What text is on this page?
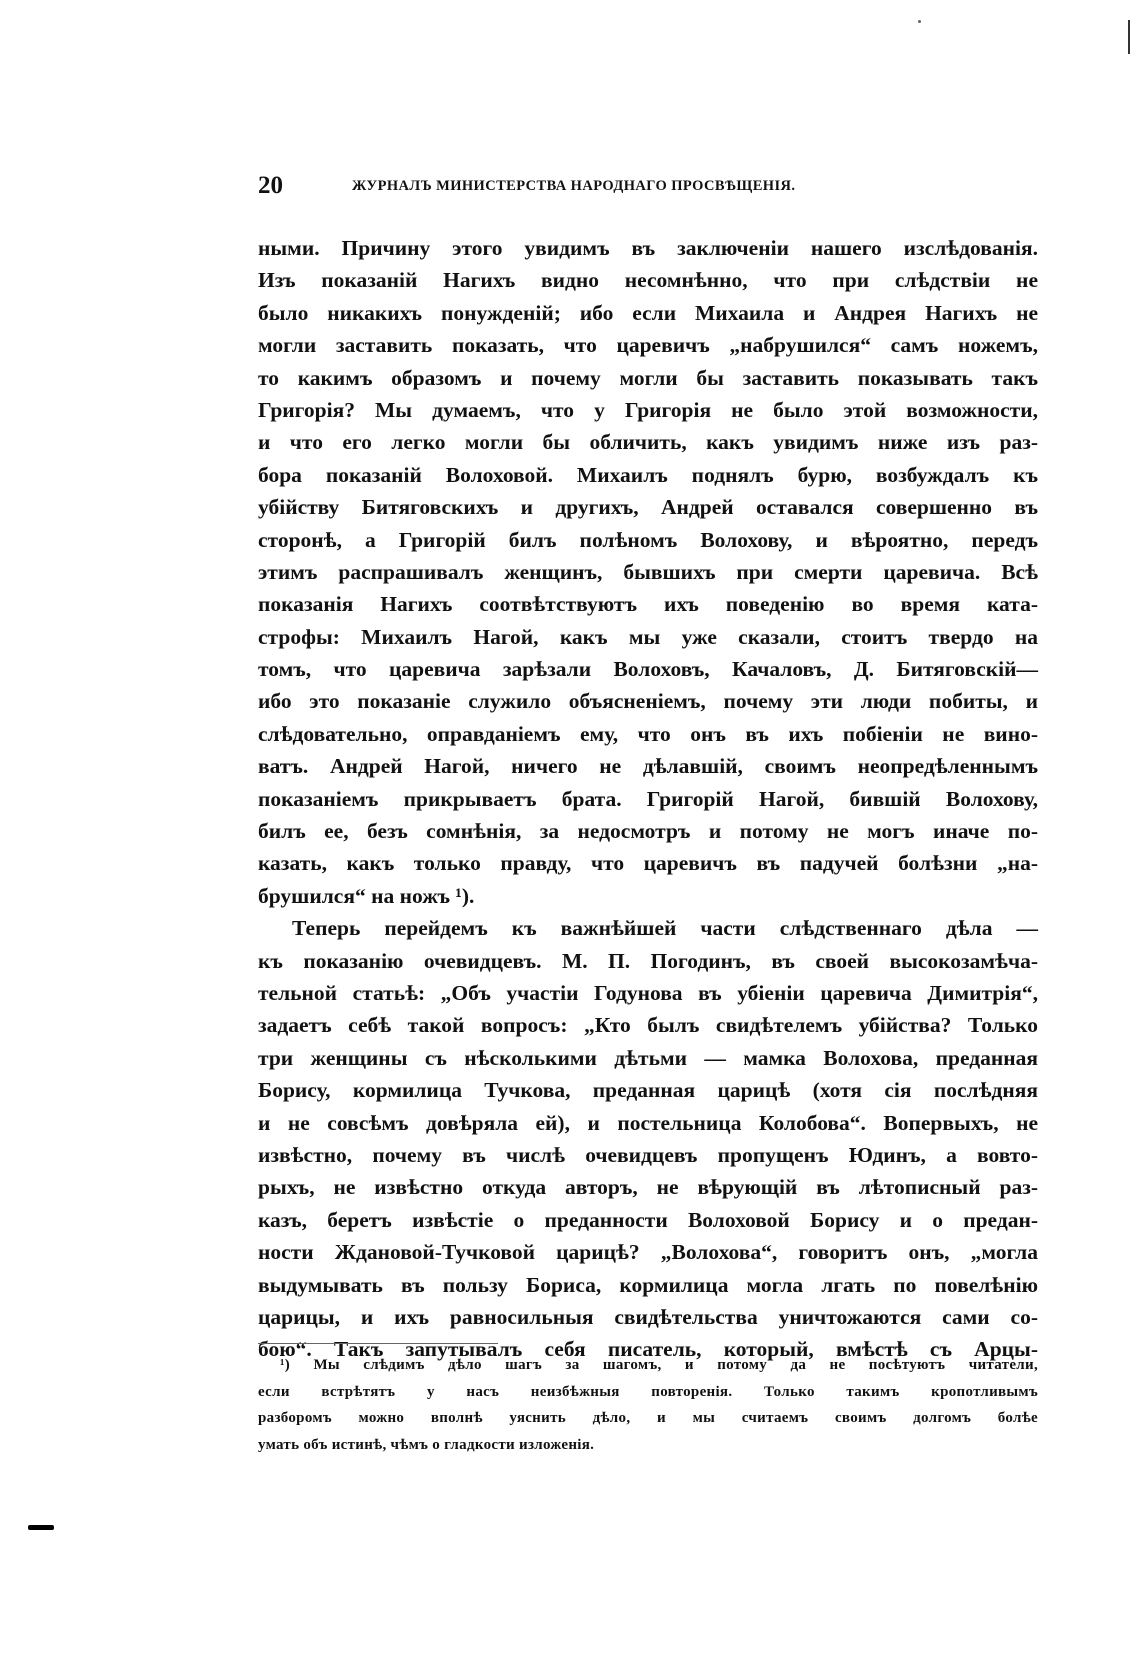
20	ЖУРНАЛЪ МИНИСТЕРСТВА НАРОДНАГО ПРОСВѢЩЕНІЯ.
ными. Причину этого увидимъ въ заключеніи нашего изслѣдованія.
Изъ показаній Нагихъ видно несомнѣнно, что при слѣдствіи не
было никакихъ понужденій; ибо если Михаила и Андрея Нагихъ не
могли заставить показать, что царевичъ „набрушился“ самъ ножемъ,
то какимъ образомъ и почему могли бы заставить показывать такъ
Григорія? Мы думаемъ, что у Григорія не было этой возможности,
и что его легко могли бы обличить, какъ увидимъ ниже изъ раз-
бора показаній Волоховой. Михаилъ поднялъ бурю, возбуждалъ къ
убійству Битяговскихъ и другихъ, Андрей оставался совершенно въ
сторонѣ, а Григорій билъ полѣномъ Волохову, и вѣроятно, передъ
этимъ распрашивалъ женщинъ, бывшихъ при смерти царевича. Всѣ
показанія Нагихъ соотвѣтствуютъ ихъ поведенію во время ката-
строфы: Михаилъ Нагой, какъ мы уже сказали, стоитъ твердо на
томъ, что царевича зарѣзали Волоховъ, Качаловъ, Д. Битяговскій—
ибо это показаніе служило объясненіемъ, почему эти люди побиты, и
слѣдовательно, оправданіемъ ему, что онъ въ ихъ побіеніи не вино-
ватъ. Андрей Нагой, ничего не дѣлавшій, своимъ неопредѣленнымъ
показаніемъ прикрываетъ брата. Григорій Нагой, бившій Волохову,
билъ ее, безъ сомнѣнія, за недосмотръ и потому не могъ иначе по-
казать, какъ только правду, что царевичъ въ падучей болѣзни „на-
брушился“ на ножъ ¹).
Теперь перейдемъ къ важнѣйшей части слѣдственнаго дѣла —
къ показанію очевидцевъ. М. П. Погодинъ, въ своей высокозамѣча-
тельной статьѣ: „Объ участіи Годунова въ убіеніи царевича Димитрія“,
задаетъ себѣ такой вопросъ: „Кто былъ свидѣтелемъ убійства? Только
три женщины съ нѣсколькими дѣтьми — мамка Волохова, преданная
Борису, кормилица Тучкова, преданная царицѣ (хотя сія послѣдняя
и не совсѣмъ довѣряла ей), и постельница Колобова“. Вопервыхъ, не
извѣстно, почему въ числѣ очевидцевъ пропущенъ Юдинъ, а вовто-
рыхъ, не извѣстно откуда авторъ, не вѣрующій въ лѣтописный раз-
казъ, беретъ извѣстіе о преданности Волоховой Борису и о предан-
ности Ждановой-Тучковой царицѣ? „Волохова“, говоритъ онъ, „могла
выдумывать въ пользу Бориса, кормилица могла лгать по повелѣнію
царицы, и ихъ равносильныя свидѣтельства уничтожаются сами со-
бою“. Такъ запутывалъ себя писатель, который, вмѣстѣ съ Арцы-
¹) Мы слѣдимъ дѣло шагъ за шагомъ, и потому да не посѣтуютъ читатели,
если встрѣтятъ у насъ неизбѣжныя повторенія. Только такимъ кропотливымъ
разборомъ можно вполнѣ уяснить дѣло, и мы считаемъ своимъ долгомъ болѣе
умать объ истинѣ, чѣмъ о гладкости изложенія.
